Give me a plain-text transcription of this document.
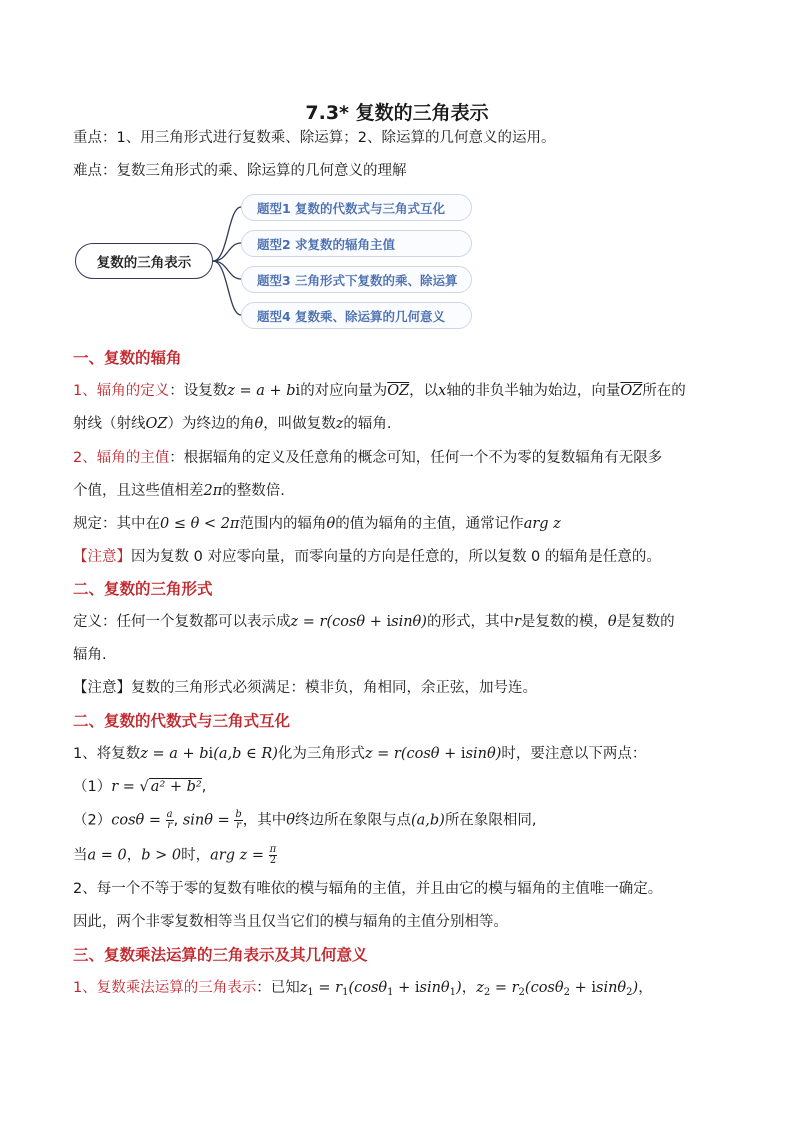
7.3* 复数的三角表示
重点：1、用三角形式进行复数乘、除运算；2、除运算的几何意义的运用。
难点：复数三角形式的乘、除运算的几何意义的理解
复数的三角表示
题型1 复数的代数式与三角式互化
题型2 求复数的辐角主值
题型3 三角形式下复数的乘、除运算
题型4 复数乘、除运算的几何意义
一、复数的辐角
1、辐角的定义：设复数z = a + bi的对应向量为$\overline{OZ}$，以x轴的非负半轴为始边，向量$\overline{OZ}$所在的
射线（射线OZ）为终边的角θ，叫做复数z的辐角.
2、辐角的主值：根据辐角的定义及任意角的概念可知，任何一个不为零的复数辐角有无限多
个值，且这些值相差2π的整数倍.
规定：其中在0 ≤ θ < 2π范围内的辐角θ的值为辐角的主值，通常记作arg z
【注意】因为复数 0 对应零向量，而零向量的方向是任意的，所以复数 0 的辐角是任意的。
二、复数的三角形式
定义：任何一个复数都可以表示成z = r(cosθ + isinθ)的形式，其中r是复数的模，θ是复数的
辐角.
【注意】复数的三角形式必须满足：模非负，角相同，余正弦，加号连。
二、复数的代数式与三角式互化
1、将复数z = a + bi(a,b ∈ R)化为三角形式z = r(cosθ + isinθ)时，要注意以下两点：
（1）r = √ a² + b²,
$(2)\cos\theta = \frac{a}{r}$ , $\sin\theta = \frac{b}{r}$ ，其中θ终边所在象限与点(a,b)所在象限相同,
当a = 0，b > 0时，arg $z = \frac{\pi}{2}$
2、每一个不等于零的复数有唯依的模与辐角的主值，并且由它的模与辐角的主值唯一确定。
因此，两个非零复数相等当且仅当它们的模与辐角的主值分别相等。
三、复数乘法运算的三角表示及其几何意义
1、复数乘法运算的三角表示：已知$z_1 = r_1(\cos\theta_1 + isin\theta_1)$，$z_2 = r_2(\cos\theta_2 + isin\theta_2)$，
